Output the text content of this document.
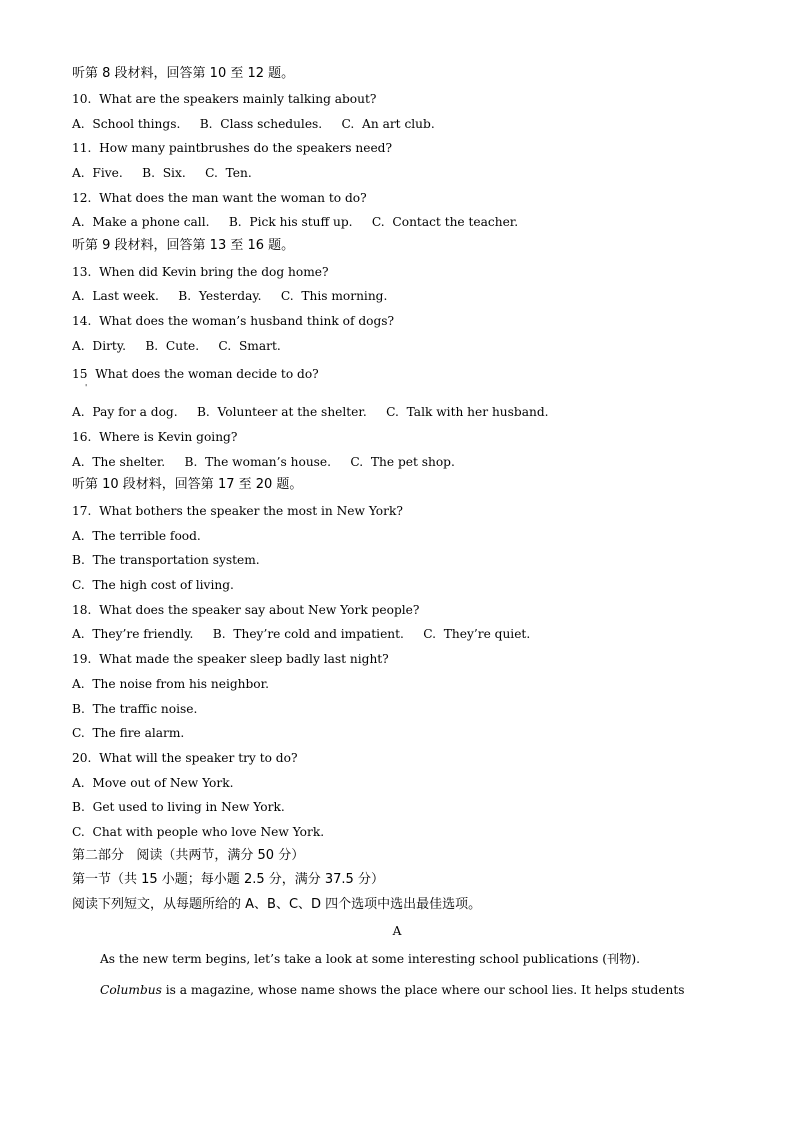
听第 8 段材料，回答第 10 至 12 题。
10.  What are the speakers mainly talking about?
A.  School things.     B.  Class schedules.     C.  An art club.
11.  How many paintbrushes do the speakers need?
A.  Five.     B.  Six.     C.  Ten.
12.  What does the man want the woman to do?
A.  Make a phone call.     B.  Pick his stuff up.     C.  Contact the teacher.
听第 9 段材料，回答第 13 至 16 题。
13.  When did Kevin bring the dog home?
A.  Last week.     B.  Yesterday.     C.  This morning.
14.  What does the woman’s husband think of dogs?
A.  Dirty.     B.  Cute.     C.  Smart.
15  What does the woman decide to do?
'
A.  Pay for a dog.     B.  Volunteer at the shelter.     C.  Talk with her husband.
16.  Where is Kevin going?
A.  The shelter.     B.  The woman’s house.     C.  The pet shop.
听第 10 段材料，回答第 17 至 20 题。
17.  What bothers the speaker the most in New York?
A.  The terrible food.
B.  The transportation system.
C.  The high cost of living.
18.  What does the speaker say about New York people?
A.  They’re friendly.     B.  They’re cold and impatient.     C.  They’re quiet.
19.  What made the speaker sleep badly last night?
A.  The noise from his neighbor.
B.  The traffic noise.
C.  The fire alarm.
20.  What will the speaker try to do?
A.  Move out of New York.
B.  Get used to living in New York.
C.  Chat with people who love New York.
第二部分   阅读（共两节，满分 50 分）
第一节（共 15 小题；每小题 2.5 分，满分 37.5 分）
阅读下列短文，从每题所给的 A、B、C、D 四个选项中选出最佳选项。
A
As the new term begins, let’s take a look at some interesting school publications (刊物).
Columbus is a magazine, whose name shows the place where our school lies. It helps students
